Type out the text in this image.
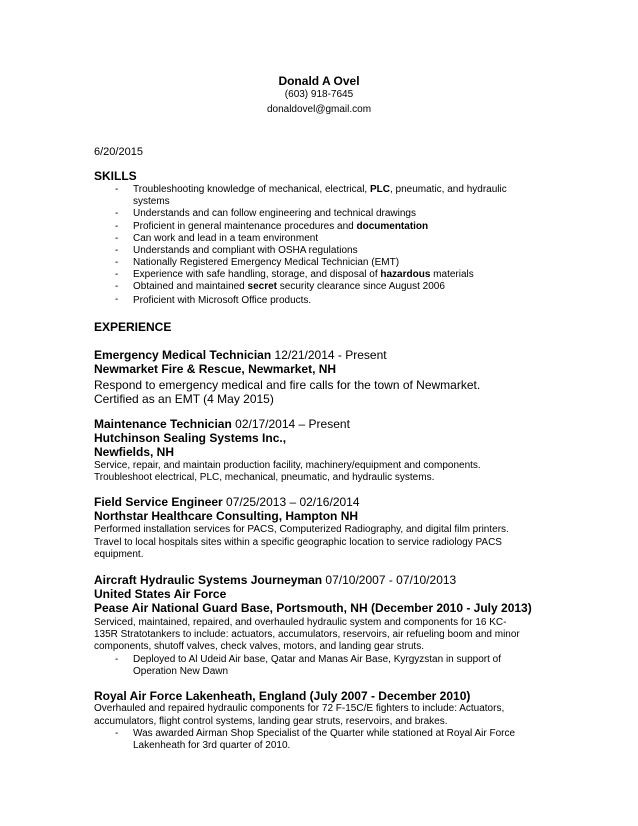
Donald A Ovel
(603) 918-7645
donaldovel@gmail.com
6/20/2015
SKILLS
- Troubleshooting knowledge of mechanical, electrical, PLC, pneumatic, and hydraulic
systems
- Understands and can follow engineering and technical drawings
- Proficient in general maintenance procedures and documentation
- Can work and lead in a team environment
- Understands and compliant with OSHA regulations
- Nationally Registered Emergency Medical Technician (EMT)
- Experience with safe handling, storage, and disposal of hazardous materials
- Obtained and maintained secret security clearance since August 2006
- Proficient with Microsoft Office products.
EXPERIENCE
Emergency Medical Technician 12/21/2014 - Present
Newmarket Fire & Rescue, Newmarket, NH
Respond to emergency medical and fire calls for the town of Newmarket.
Certified as an EMT (4 May 2015)
Maintenance Technician 02/17/2014 – Present
Hutchinson Sealing Systems Inc.,
Newfields, NH
Service, repair, and maintain production facility, machinery/equipment and components.
Troubleshoot electrical, PLC, mechanical, pneumatic, and hydraulic systems.
Field Service Engineer 07/25/2013 – 02/16/2014
Northstar Healthcare Consulting, Hampton NH
Performed installation services for PACS, Computerized Radiography, and digital film printers.
Travel to local hospitals sites within a specific geographic location to service radiology PACS
equipment.
Aircraft Hydraulic Systems Journeyman 07/10/2007 - 07/10/2013
United States Air Force
Pease Air National Guard Base, Portsmouth, NH (December 2010 - July 2013)
Serviced, maintained, repaired, and overhauled hydraulic system and components for 16 KC-
135R Stratotankers to include: actuators, accumulators, reservoirs, air refueling boom and minor
components, shutoff valves, check valves, motors, and landing gear struts.
- Deployed to Al Udeid Air base, Qatar and Manas Air Base, Kyrgyzstan in support of
Operation New Dawn
Royal Air Force Lakenheath, England (July 2007 - December 2010)
Overhauled and repaired hydraulic components for 72 F-15C/E fighters to include: Actuators,
accumulators, flight control systems, landing gear struts, reservoirs, and brakes.
- Was awarded Airman Shop Specialist of the Quarter while stationed at Royal Air Force
Lakenheath for 3rd quarter of 2010.
